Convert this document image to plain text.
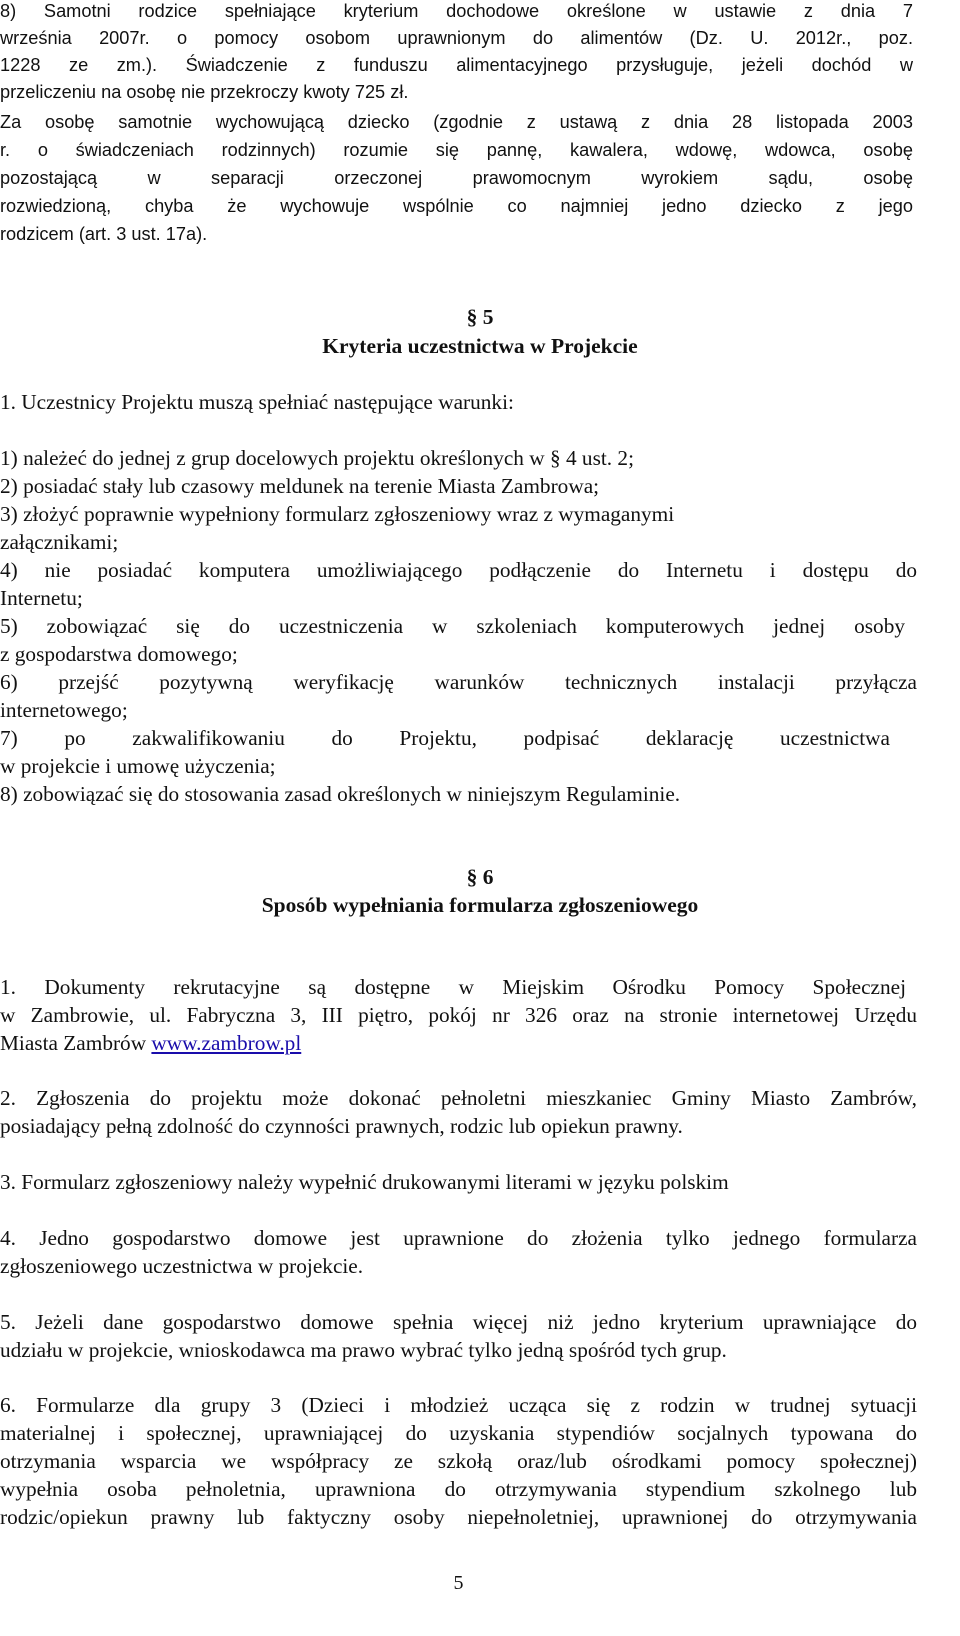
8) Samotni rodzice spełniające kryterium dochodowe określone w ustawie z dnia 7

września 2007r. o pomocy osobom uprawnionym do alimentów (Dz. U. 2012r., poz.

1228 ze zm.). Świadczenie z funduszu alimentacyjnego przysługuje, jeżeli dochód w

przeliczeniu na osobę nie przekroczy kwoty 725 zł.

Za osobę samotnie wychowującą dziecko (zgodnie z ustawą z dnia 28 listopada 2003

r. o świadczeniach rodzinnych) rozumie się pannę, kawalera, wdowę, wdowca, osobę

pozostającą w separacji orzeczonej prawomocnym wyrokiem sądu, osobę

rozwiedzioną, chyba że wychowuje wspólnie co najmniej jedno dziecko z jego

rodzicem (art. 3 ust. 17a).

§ 5
Kryteria uczestnictwa w Projekcie

1. Uczestnicy Projektu muszą spełniać następujące warunki:

1) należeć do jednej z grup docelowych projektu określonych w § 4 ust. 2;

2) posiadać stały lub czasowy meldunek na terenie Miasta Zambrowa;

3) złożyć poprawnie wypełniony formularz zgłoszeniowy wraz z wymaganymi

załącznikami;

4) nie posiadać komputera umożliwiającego podłączenie do Internetu i dostępu do

Internetu;

5) zobowiązać się do uczestniczenia w szkoleniach komputerowych jednej osoby

z gospodarstwa domowego;

6) przejść pozytywną weryfikację warunków technicznych instalacji przyłącza

internetowego;

7) po zakwalifikowaniu do Projektu, podpisać deklarację uczestnictwa

w projekcie i umowę użyczenia;

8) zobowiązać się do stosowania zasad określonych w niniejszym Regulaminie.

§ 6
Sposób wypełniania formularza zgłoszeniowego

1. Dokumenty rekrutacyjne są dostępne w Miejskim Ośrodku Pomocy Społecznej

w Zambrowie, ul. Fabryczna 3, III piętro, pokój nr 326 oraz na stronie internetowej Urzędu

Miasta Zambrów www.zambrow.pl

2. Zgłoszenia do projektu może dokonać pełnoletni mieszkaniec Gminy Miasto Zambrów,

posiadający pełną zdolność do czynności prawnych, rodzic lub opiekun prawny.

3. Formularz zgłoszeniowy należy wypełnić drukowanymi literami w języku polskim

4. Jedno gospodarstwo domowe jest uprawnione do złożenia tylko jednego formularza

zgłoszeniowego uczestnictwa w projekcie.

5. Jeżeli dane gospodarstwo domowe spełnia więcej niż jedno kryterium uprawniające do

udziału w projekcie, wnioskodawca ma prawo wybrać tylko jedną spośród tych grup.

6. Formularze dla grupy 3 (Dzieci i młodzież ucząca się z rodzin w trudnej sytuacji

materialnej i społecznej, uprawniającej do uzyskania stypendiów socjalnych typowana do

otrzymania wsparcia we współpracy ze szkołą oraz/lub ośrodkami pomocy społecznej)

wypełnia osoba pełnoletnia, uprawniona do otrzymywania stypendium szkolnego lub

rodzic/opiekun prawny lub faktyczny osoby niepełnoletniej, uprawnionej do otrzymywania

5
